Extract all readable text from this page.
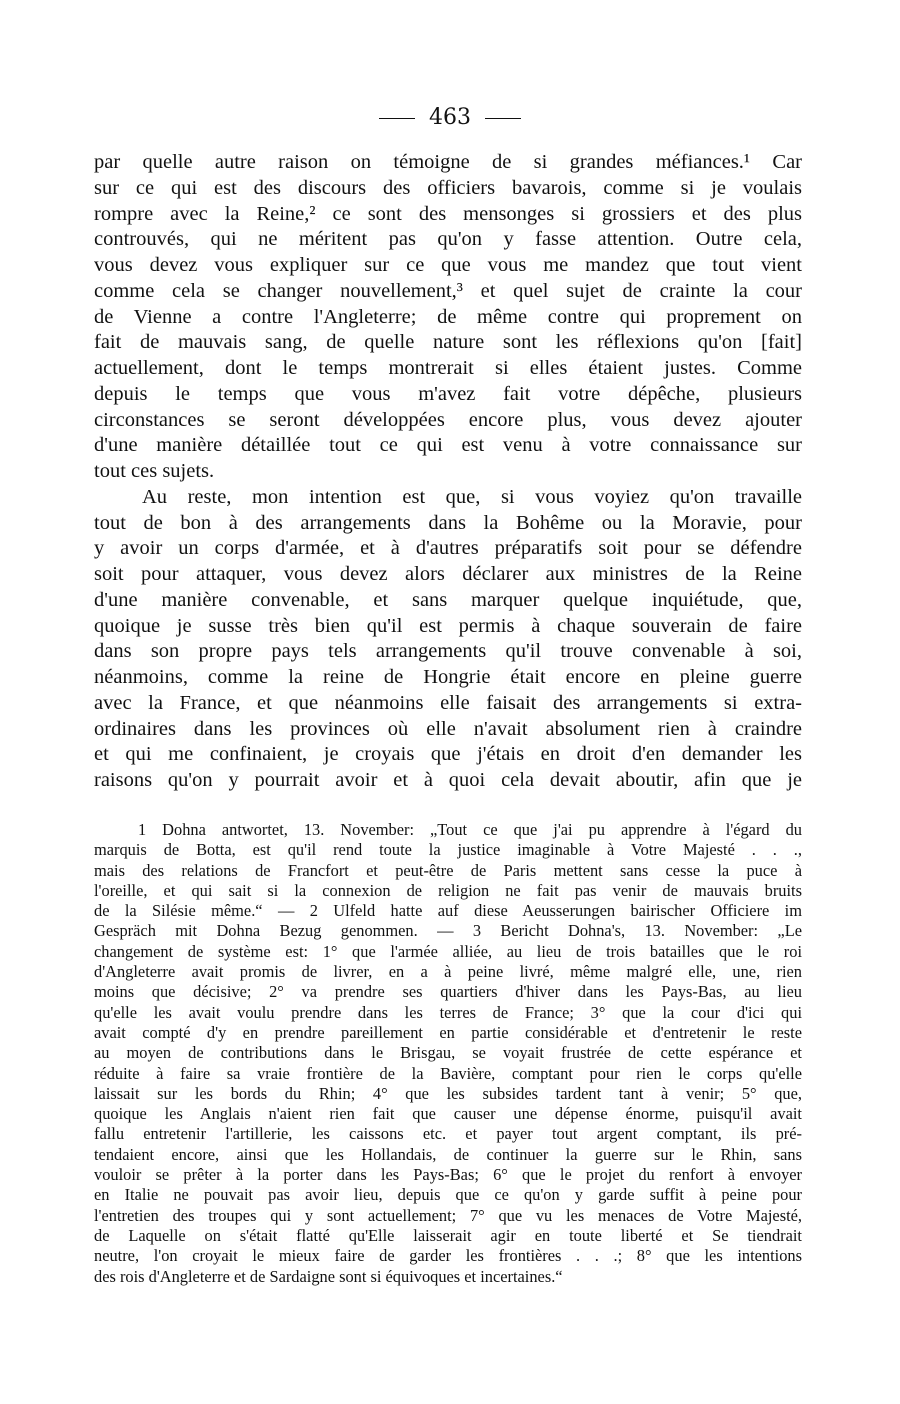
463
par quelle autre raison on témoigne de si grandes méfiances.¹ Car
sur ce qui est des discours des officiers bavarois, comme si je voulais
rompre avec la Reine,² ce sont des mensonges si grossiers et des plus
controuvés, qui ne méritent pas qu'on y fasse attention. Outre cela,
vous devez vous expliquer sur ce que vous me mandez que tout vient
comme cela se changer nouvellement,³ et quel sujet de crainte la cour
de Vienne a contre l'Angleterre; de même contre qui proprement on
fait de mauvais sang, de quelle nature sont les réflexions qu'on [fait]
actuellement, dont le temps montrerait si elles étaient justes. Comme
depuis le temps que vous m'avez fait votre dépêche, plusieurs
circonstances se seront développées encore plus, vous devez ajouter
d'une manière détaillée tout ce qui est venu à votre connaissance sur
tout ces sujets.
Au reste, mon intention est que, si vous voyiez qu'on travaille
tout de bon à des arrangements dans la Bohême ou la Moravie, pour
y avoir un corps d'armée, et à d'autres préparatifs soit pour se défendre
soit pour attaquer, vous devez alors déclarer aux ministres de la Reine
d'une manière convenable, et sans marquer quelque inquiétude, que,
quoique je susse très bien qu'il est permis à chaque souverain de faire
dans son propre pays tels arrangements qu'il trouve convenable à soi,
néanmoins, comme la reine de Hongrie était encore en pleine guerre
avec la France, et que néanmoins elle faisait des arrangements si extra-
ordinaires dans les provinces où elle n'avait absolument rien à craindre
et qui me confinaient, je croyais que j'étais en droit d'en demander les
raisons qu'on y pourrait avoir et à quoi cela devait aboutir, afin que je
1 Dohna antwortet, 13. November: „Tout ce que j'ai pu apprendre à l'égard du
marquis de Botta, est qu'il rend toute la justice imaginable à Votre Majesté . . .,
mais des relations de Francfort et peut-être de Paris mettent sans cesse la puce à
l'oreille, et qui sait si la connexion de religion ne fait pas venir de mauvais bruits
de la Silésie même.“ — 2 Ulfeld hatte auf diese Aeusserungen bairischer Officiere im
Gespräch mit Dohna Bezug genommen. — 3 Bericht Dohna's, 13. November: „Le
changement de système est: 1° que l'armée alliée, au lieu de trois batailles que le roi
d'Angleterre avait promis de livrer, en a à peine livré, même malgré elle, une, rien
moins que décisive; 2° va prendre ses quartiers d'hiver dans les Pays-Bas, au lieu
qu'elle les avait voulu prendre dans les terres de France; 3° que la cour d'ici qui
avait compté d'y en prendre pareillement en partie considérable et d'entretenir le reste
au moyen de contributions dans le Brisgau, se voyait frustrée de cette espérance et
réduite à faire sa vraie frontière de la Bavière, comptant pour rien le corps qu'elle
laissait sur les bords du Rhin; 4° que les subsides tardent tant à venir; 5° que,
quoique les Anglais n'aient rien fait que causer une dépense énorme, puisqu'il avait
fallu entretenir l'artillerie, les caissons etc. et payer tout argent comptant, ils pré-
tendaient encore, ainsi que les Hollandais, de continuer la guerre sur le Rhin, sans
vouloir se prêter à la porter dans les Pays-Bas; 6° que le projet du renfort à envoyer
en Italie ne pouvait pas avoir lieu, depuis que ce qu'on y garde suffit à peine pour
l'entretien des troupes qui y sont actuellement; 7° que vu les menaces de Votre Majesté,
de Laquelle on s'était flatté qu'Elle laisserait agir en toute liberté et Se tiendrait
neutre, l'on croyait le mieux faire de garder les frontières . . .; 8° que les intentions
des rois d'Angleterre et de Sardaigne sont si équivoques et incertaines.“
